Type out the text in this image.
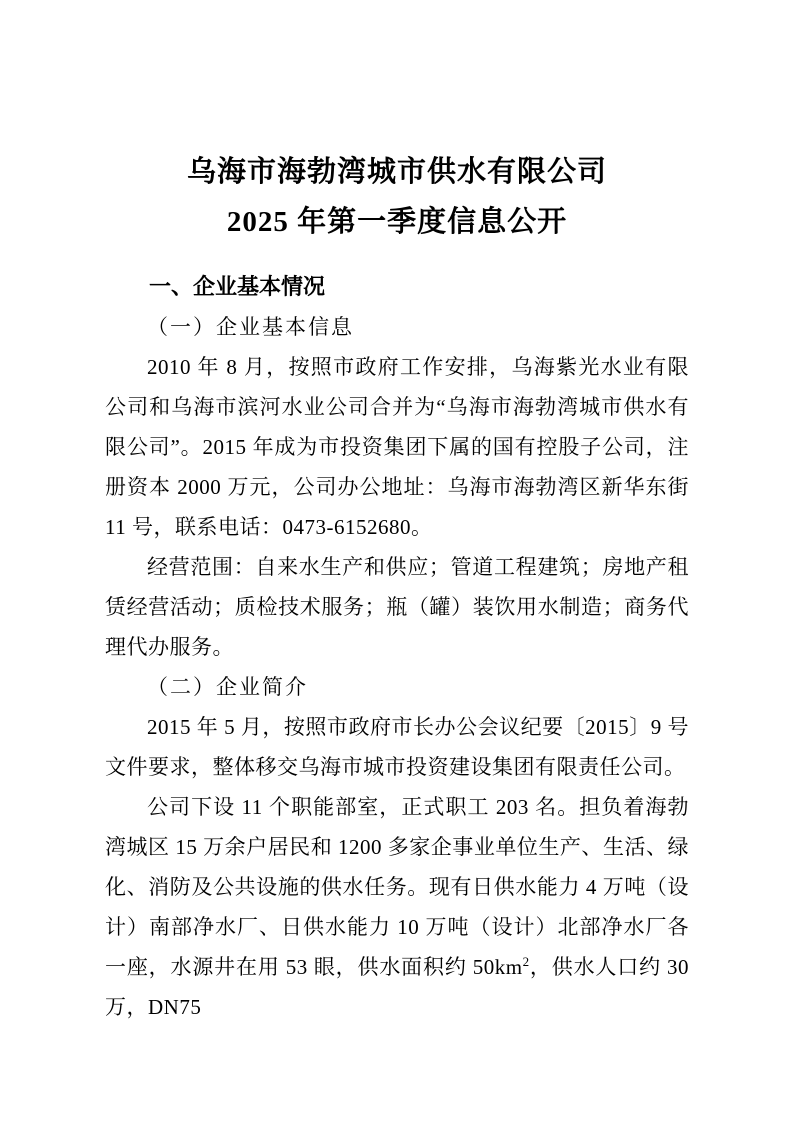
乌海市海勃湾城市供水有限公司
2025 年第一季度信息公开
一、企业基本情况
（一）企业基本信息

2010 年 8 月，按照市政府工作安排，乌海紫光水业有限公司和乌海市滨河水业公司合并为“乌海市海勃湾城市供水有限公司”。2015 年成为市投资集团下属的国有控股子公司，注册资本 2000 万元，公司办公地址：乌海市海勃湾区新华东街 11 号，联系电话：0473-6152680。

经营范围：自来水生产和供应；管道工程建筑；房地产租赁经营活动；质检技术服务；瓶（罐）装饮用水制造；商务代理代办服务。

（二）企业简介

2015 年 5 月，按照市政府市长办公会议纪要〔2015〕9 号文件要求，整体移交乌海市城市投资建设集团有限责任公司。

公司下设 11 个职能部室，正式职工 203 名。担负着海勃湾城区 15 万余户居民和 1200 多家企事业单位生产、生活、绿化、消防及公共设施的供水任务。现有日供水能力 4 万吨（设计）南部净水厂、日供水能力 10 万吨（设计）北部净水厂各一座，水源井在用 53 眼，供水面积约 $50km^2$，供水人口约 30 万，DN75
